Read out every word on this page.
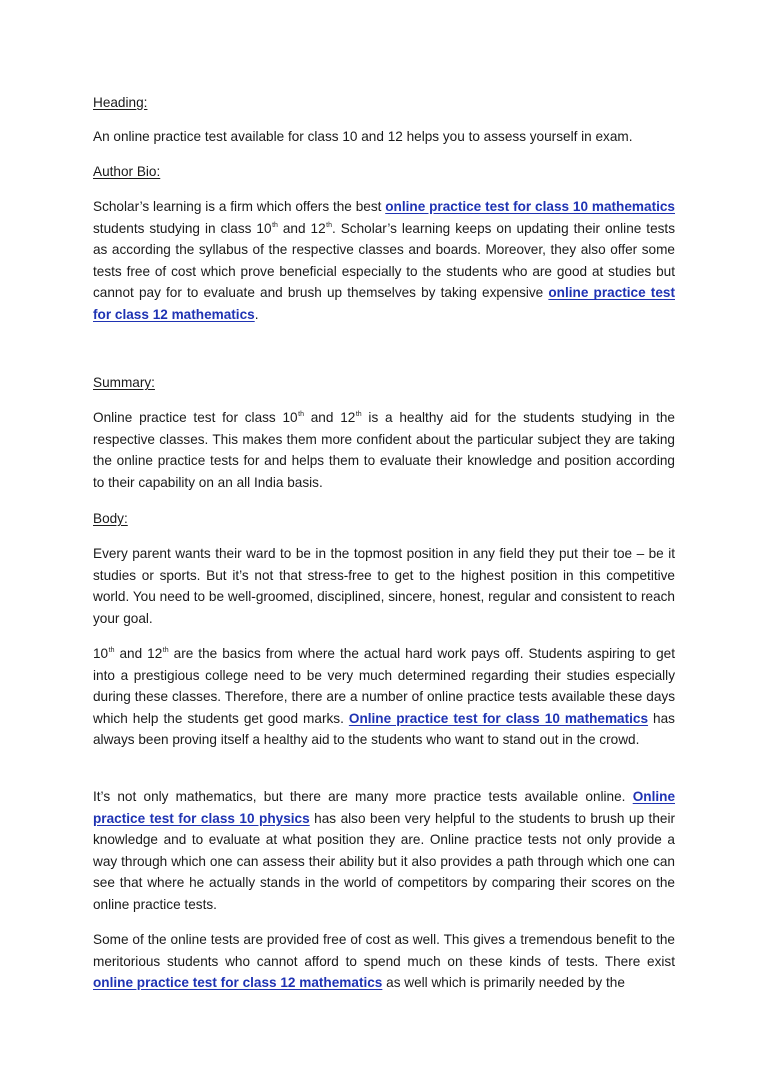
Heading:

An online practice test available for class 10 and 12 helps you to assess yourself in exam.

Author Bio:

Scholar’s learning is a firm which offers the best online practice test for class 10 mathematics students studying in class 10th and 12th. Scholar’s learning keeps on updating their online tests as according the syllabus of the respective classes and boards. Moreover, they also offer some tests free of cost which prove beneficial especially to the students who are good at studies but cannot pay for to evaluate and brush up themselves by taking expensive online practice test for class 12 mathematics.

Summary:

Online practice test for class 10th and 12th is a healthy aid for the students studying in the respective classes. This makes them more confident about the particular subject they are taking the online practice tests for and helps them to evaluate their knowledge and position according to their capability on an all India basis.

Body:

Every parent wants their ward to be in the topmost position in any field they put their toe – be it studies or sports. But it’s not that stress-free to get to the highest position in this competitive world. You need to be well-groomed, disciplined, sincere, honest, regular and consistent to reach your goal.

10th and 12th are the basics from where the actual hard work pays off. Students aspiring to get into a prestigious college need to be very much determined regarding their studies especially during these classes. Therefore, there are a number of online practice tests available these days which help the students get good marks. Online practice test for class 10 mathematics has always been proving itself a healthy aid to the students who want to stand out in the crowd.

It’s not only mathematics, but there are many more practice tests available online. Online practice test for class 10 physics has also been very helpful to the students to brush up their knowledge and to evaluate at what position they are. Online practice tests not only provide a way through which one can assess their ability but it also provides a path through which one can see that where he actually stands in the world of competitors by comparing their scores on the online practice tests.

Some of the online tests are provided free of cost as well. This gives a tremendous benefit to the meritorious students who cannot afford to spend much on these kinds of tests. There exist online practice test for class 12 mathematics as well which is primarily needed by the
